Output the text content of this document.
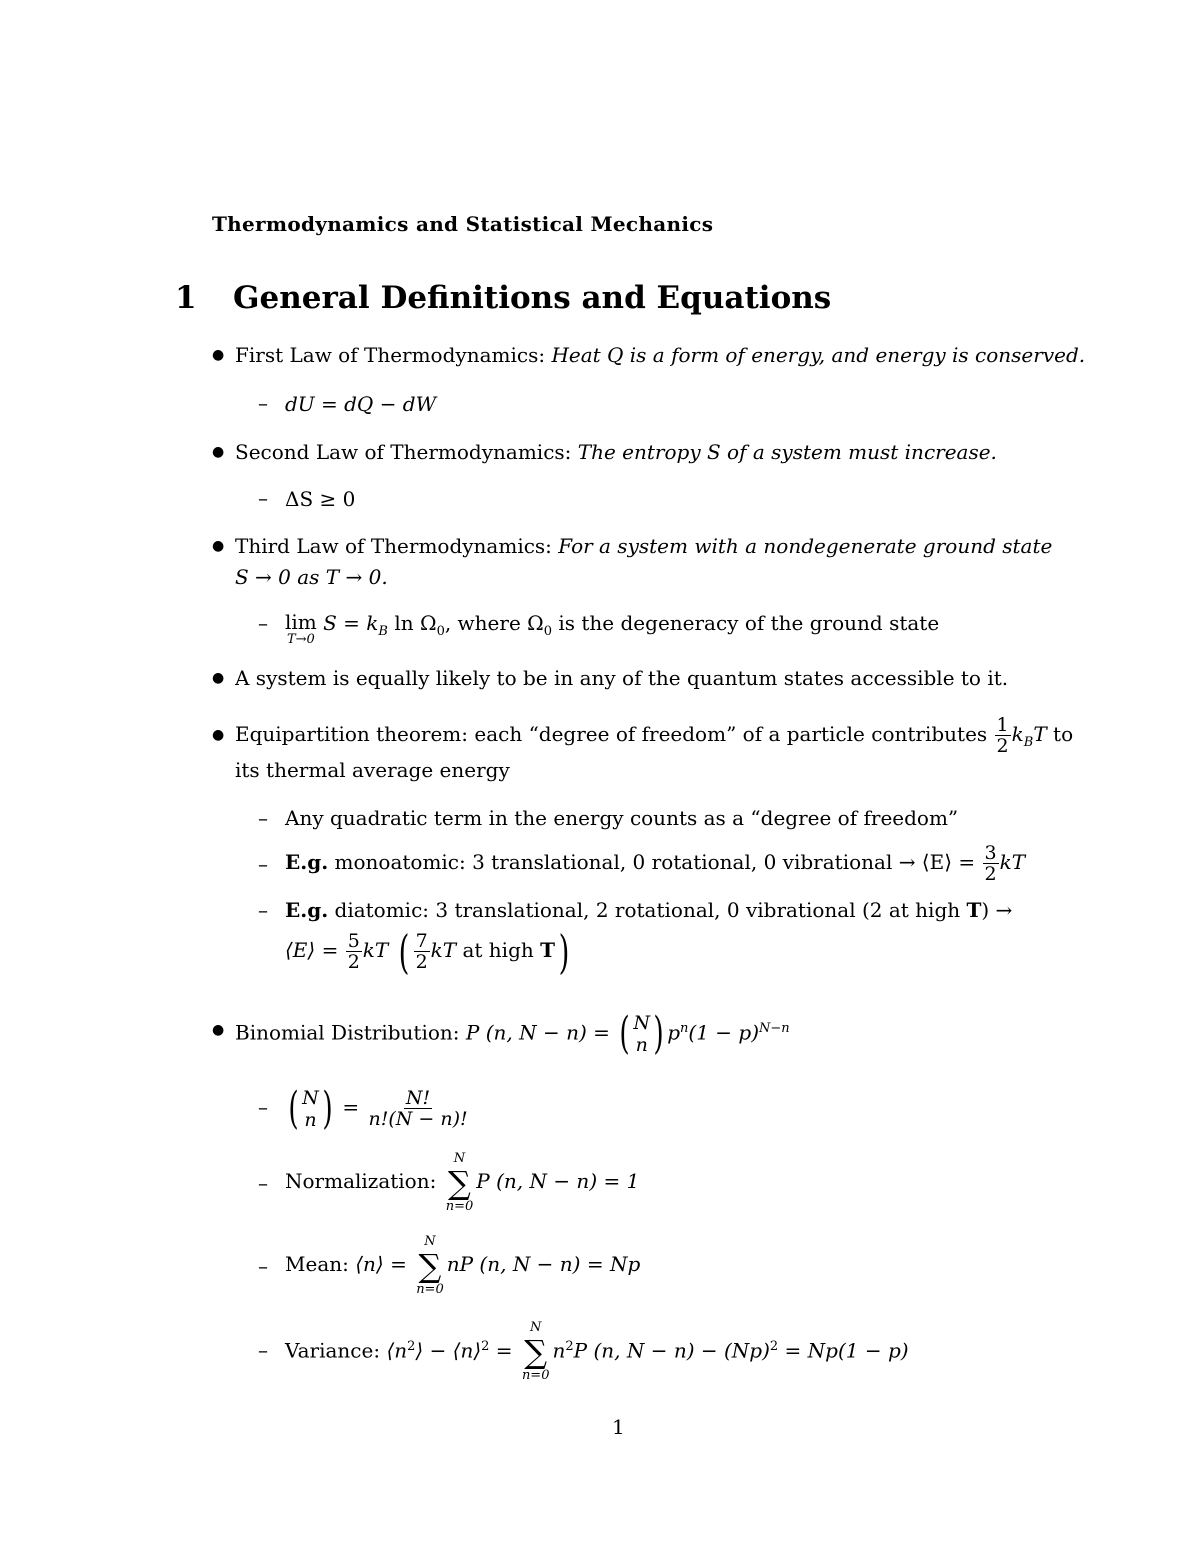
Thermodynamics and Statistical Mechanics
1 General Definitions and Equations
● First Law of Thermodynamics: Heat Q is a form of energy, and energy is conserved.
– dU = dQ − dW
● Second Law of Thermodynamics: The entropy S of a system must increase.
– ΔS ≥ 0
● Third Law of Thermodynamics: For a system with a nondegenerate ground state
S → 0 as T → 0.
– lim
T→0
$S = k_B$ $\ln \Omega_0$, where $\Omega_0$ is the degeneracy of the ground state
● A system is equally likely to be in any of the quantum states accessible to it.
● Equipartition theorem: each “degree of freedom” of a particle contributes $\frac{1}{2} k_BT$ to
its thermal average energy
– Any quadratic term in the energy counts as a “degree of freedom”
– E.g. monoatomic: 3 translational, 0 rotational, 0 vibrational → ⟨E⟩ = $\frac{3}{2}$ kT
– E.g. diatomic: 3 translational, 2 rotational, 0 vibrational (2 at high T) →
⟨E⟩ = $\frac{5}{2}$ kT ( $\frac{7}{2}$ kT at high T)
● Binomial Distribution: P (n, N − n) = ( N
n ) $p^n(1 - p)^{N-n}$
– ( N
n ) = $\frac{N!}{n!(N - n)!}$
– Normalization:
N
∑
n=0
P (n, N − n) = 1
– Mean: ⟨n⟩ =
N
∑
n=0
nP (n, N − n) = Np
– Variance: $⟨n^2⟩$ − ⟨n⟩$^2$ =
N
∑
n=0
$n^2P$ (n, $N - n) - (Np)^2 = Np(1 - p)$
1
